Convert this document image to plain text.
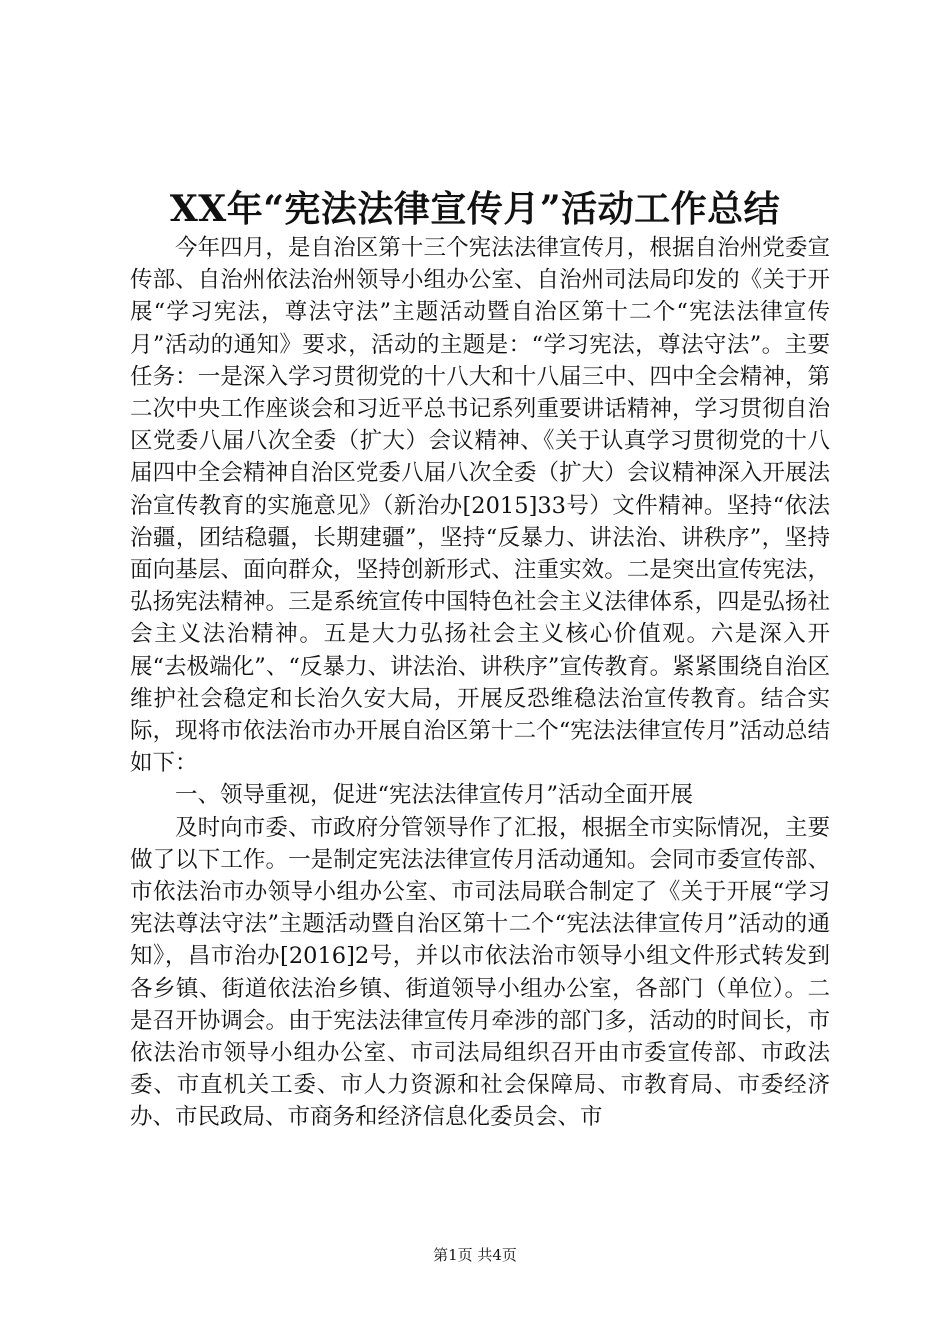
XX年“宪法法律宣传月”活动工作总结

今年四月，是自治区第十三个宪法法律宣传月，根据自治州党委宣传部、自治州依法治州领导小组办公室、自治州司法局印发的《关于开展“学习宪法，尊法守法”主题活动暨自治区第十二个“宪法法律宣传月”活动的通知》要求，活动的主题是：“学习宪法，尊法守法”。主要任务：一是深入学习贯彻党的十八大和十八届三中、四中全会精神，第二次中央工作座谈会和习近平总书记系列重要讲话精神，学习贯彻自治区党委八届八次全委（扩大）会议精神、《关于认真学习贯彻党的十八届四中全会精神自治区党委八届八次全委（扩大）会议精神深入开展法治宣传教育的实施意见》（新治办[2015]33号）文件精神。坚持“依法治疆，团结稳疆，长期建疆”，坚持“反暴力、讲法治、讲秩序”，坚持面向基层、面向群众，坚持创新形式、注重实效。二是突出宣传宪法，弘扬宪法精神。三是系统宣传中国特色社会主义法律体系，四是弘扬社会主义法治精神。五是大力弘扬社会主义核心价值观。六是深入开展“去极端化”、“反暴力、讲法治、讲秩序”宣传教育。紧紧围绕自治区维护社会稳定和长治久安大局，开展反恐维稳法治宣传教育。结合实际，现将市依法治市办开展自治区第十二个“宪法法律宣传月”活动总结如下：

一、领导重视，促进“宪法法律宣传月”活动全面开展

及时向市委、市政府分管领导作了汇报，根据全市实际情况，主要做了以下工作。一是制定宪法法律宣传月活动通知。会同市委宣传部、市依法治市办领导小组办公室、市司法局联合制定了《关于开展“学习宪法尊法守法”主题活动暨自治区第十二个“宪法法律宣传月”活动的通知》，昌市治办[2016]2号，并以市依法治市领导小组文件形式转发到各乡镇、街道依法治乡镇、街道领导小组办公室，各部门（单位）。二是召开协调会。由于宪法法律宣传月牵涉的部门多，活动的时间长，市依法治市领导小组办公室、市司法局组织召开由市委宣传部、市政法委、市直机关工委、市人力资源和社会保障局、市教育局、市委经济办、市民政局、市商务和经济信息化委员会、市

第1页 共4页
